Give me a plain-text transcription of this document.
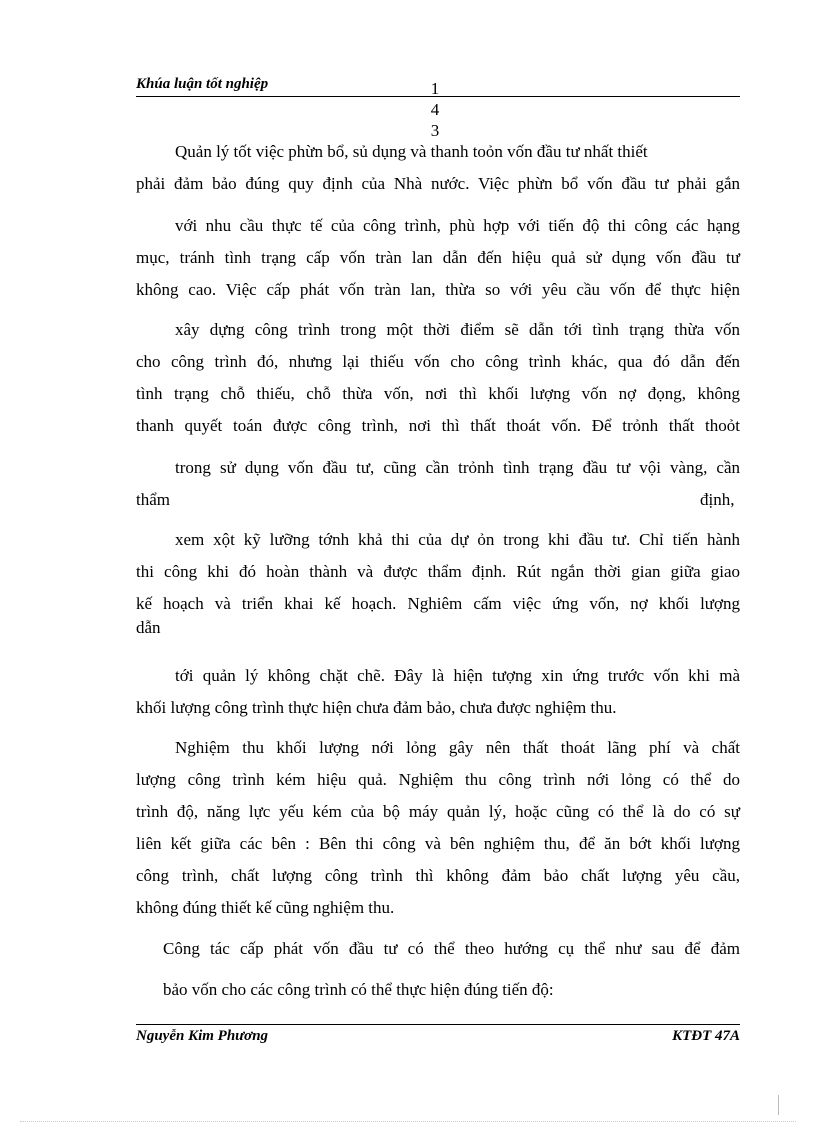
Khúa luận tốt nghiệp	1
4
3
Quản lý tốt việc phừn bổ, sủ dụng và thanh toỏn vốn đầu tư nhất thiết
phải đảm bảo đúng quy định của Nhà nước. Việc phừn bổ vốn đầu tư phải gắn
với nhu cầu thực tế của công trình, phù hợp với tiến độ thi công các hạng
mục, tránh tình trạng cấp vốn tràn lan dẫn đến hiệu quả sử dụng vốn đầu tư
không cao. Việc cấp phát vốn tràn lan, thừa so với yêu cầu vốn để thực hiện
xây dựng công trình trong một thời điểm sẽ dẫn tới tình trạng thừa vốn
cho công trình đó, nhưng lại thiếu vốn cho công trình khác, qua đó dẫn đến
tình trạng chỗ thiếu, chỗ thừa vốn, nơi thì khối lượng vốn nợ đọng, không
thanh quyết toán được công trình, nơi thì thất thoát vốn. Để trỏnh thất thoỏt
trong sử dụng vốn đầu tư, cũng cần trỏnh tình trạng đầu tư vội vàng, cần
thẩm	định,
xem xột kỹ lưỡng tớnh khả thi của dự ỏn trong khi đầu tư. Chỉ tiến hành
thi công khi đó hoàn thành và được thẩm định. Rút ngắn thời gian giữa giao
kế hoạch và triển khai kế hoạch. Nghiêm cấm việc ứng vốn, nợ khối lượng
dẫn
tới quản lý không chặt chẽ. Đây là hiện tượng xin ứng trước vốn khi mà
khối lượng công trình thực hiện chưa đảm bảo, chưa được nghiệm thu.
Nghiệm thu khối lượng nới lỏng gây nên thất thoát lãng phí và chất
lượng công trình kém hiệu quả. Nghiệm thu công trình nới lỏng có thể do
trình độ, năng lực yếu kém của bộ máy quản lý, hoặc cũng có thể là do có sự
liên kết giữa các bên : Bên thi công và bên nghiệm thu, để ăn bớt khối lượng
công trình, chất lượng công trình thì không đảm bảo chất lượng yêu cầu,
không đúng thiết kế cũng nghiệm thu.
Công tác cấp phát vốn đầu tư có thể theo hướng cụ thể như sau để đảm
bảo vốn cho các công trình có thể thực hiện đúng tiến độ:
Nguyễn Kim Phương	KTĐT 47A
